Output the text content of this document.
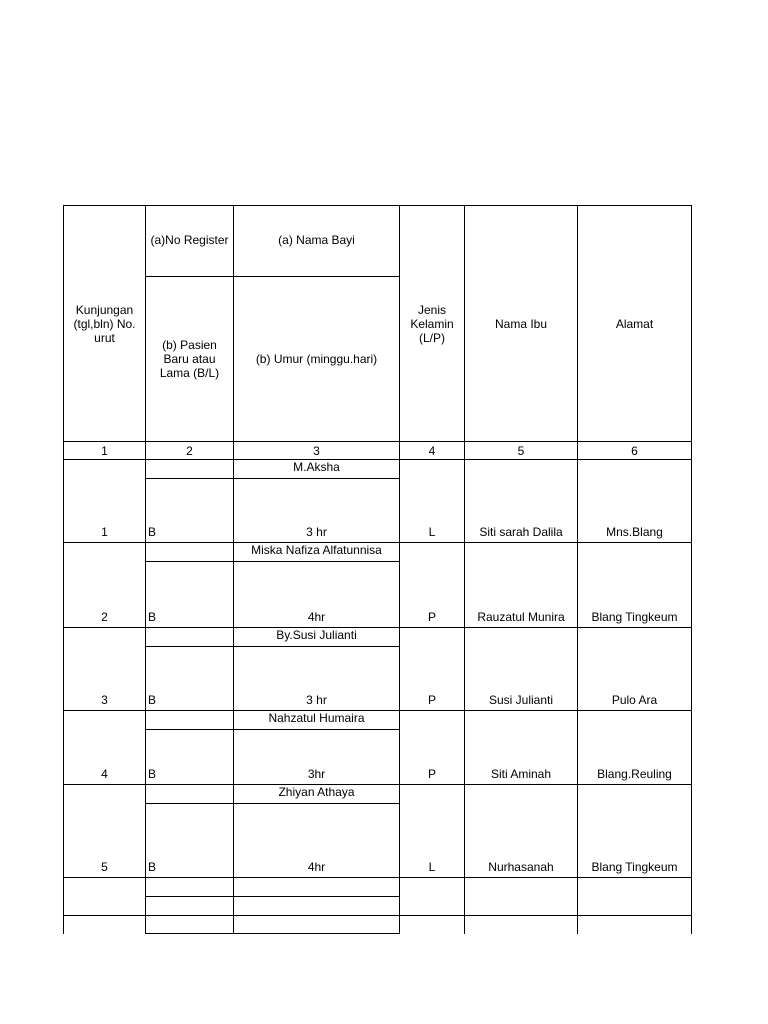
Kunjungan (tgl,bln) No. urut	(a)No Register	(a) Nama Bayi	Jenis Kelamin (L/P)	Nama Ibu	Alamat
	(b) Pasien Baru atau Lama (B/L)	(b) Umur (minggu.hari)			
1	2	3	4	5	6
1		M.Aksha	L	Siti sarah Dalila	Mns.Blang
	B	3 hr			
2		Miska Nafiza Alfatunnisa	P	Rauzatul Munira	Blang Tingkeum
	B	4hr			
3		By.Susi Julianti	P	Susi Julianti	Pulo Ara
	B	3 hr			
4		Nahzatul Humaira	P	Siti Aminah	Blang.Reuling
	B	3hr			
5		Zhiyan Athaya	L	Nurhasanah	Blang Tingkeum
	B	4hr			
